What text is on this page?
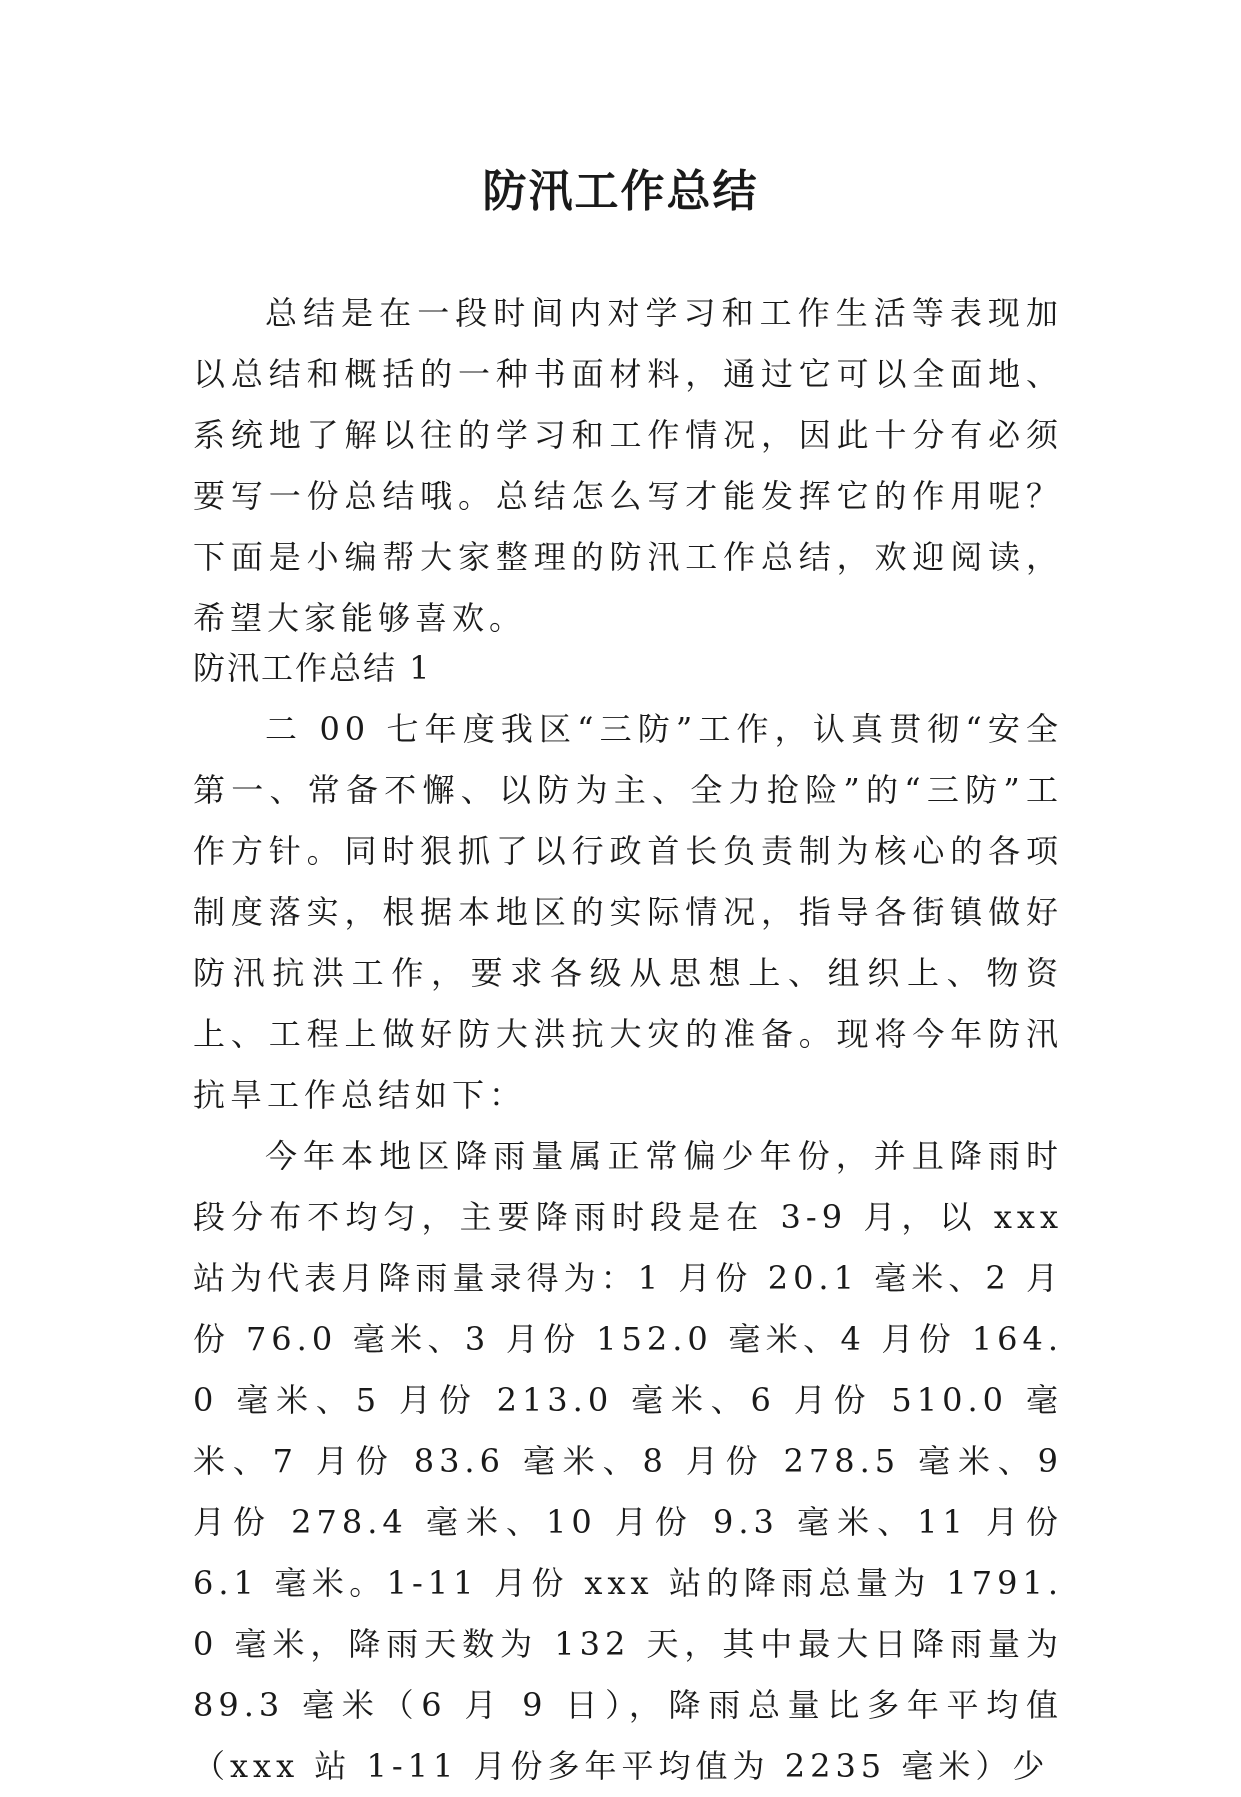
防汛工作总结

总结是在一段时间内对学习和工作生活等表现加以总结和概括的一种书面材料，通过它可以全面地、系统地了解以往的学习和工作情况，因此十分有必须要写一份总结哦。总结怎么写才能发挥它的作用呢？下面是小编帮大家整理的防汛工作总结，欢迎阅读，希望大家能够喜欢。

防汛工作总结 1

二 00 七年度我区“三防”工作，认真贯彻“安全第一、常备不懈、以防为主、全力抢险”的“三防”工作方针。同时狠抓了以行政首长负责制为核心的各项制度落实，根据本地区的实际情况，指导各街镇做好防汛抗洪工作，要求各级从思想上、组织上、物资上、工程上做好防大洪抗大灾的准备。现将今年防汛抗旱工作总结如下：

今年本地区降雨量属正常偏少年份，并且降雨时段分布不均匀，主要降雨时段是在 3-9 月，以 xxx 站为代表月降雨量录得为：1 月份 20.1 毫米、2 月份 76.0 毫米、3 月份 152.0 毫米、4 月份 164.0 毫米、5 月份 213.0 毫米、6 月份 510.0 毫米、7 月份 83.6 毫米、8 月份 278.5 毫米、9 月份 278.4 毫米、10 月份 9.3 毫米、11 月份 6.1 毫米。1-11 月份 xxx 站的降雨总量为 1791.0 毫米，降雨天数为 132 天，其中最大日降雨量为 89.3 毫米（6 月 9 日），降雨总量比多年平均值（xxx 站 1-11 月份多年平均值为 2235 毫米）少
